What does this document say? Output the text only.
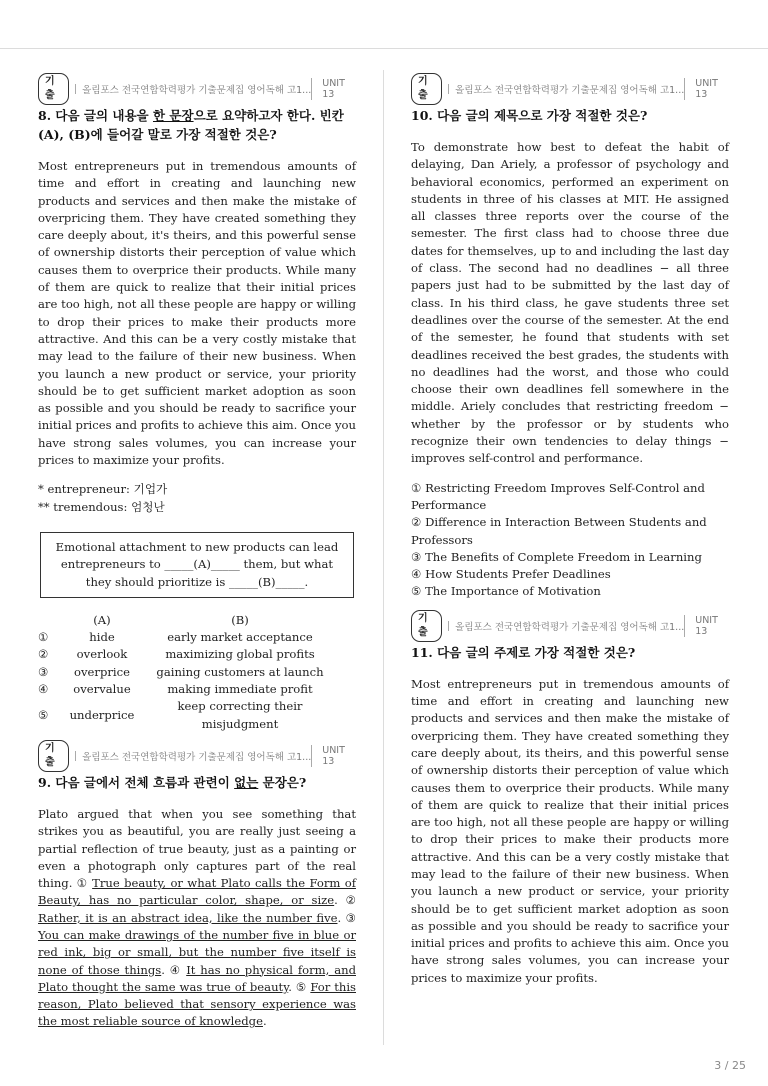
기출	올림포스 전국연합학력평가 기출문제집 영어독해 고1...
UNIT 13
8. 다음 글의 내용을 한 문장으로 요약하고자 한다. 빈칸 (A), (B)에 들어갈 말로 가장 적절한 것은?

Most entrepreneurs put in tremendous amounts of time and effort in creating and launching new products and services and then make the mistake of overpricing them. They have created something they care deeply about, it's theirs, and this powerful sense of ownership distorts their perception of value which causes them to overprice their products. While many of them are quick to realize that their initial prices are too high, not all these people are happy or willing to drop their prices to make their products more attractive. And this can be a very costly mistake that may lead to the failure of their new business. When you launch a new product or service, your priority should be to get sufficient market adoption as soon as possible and you should be ready to sacrifice your initial prices and profits to achieve this aim. Once you have strong sales volumes, you can increase your prices to maximize your profits.

* entrepreneur: 기업가
** tremendous: 엄청난
Emotional attachment to new products can lead entrepreneurs to _____(A)_____ them, but what they should prioritize is _____(B)_____.
	(A)	(B)
①	hide	early market acceptance
②	overlook	maximizing global profits
③	overprice	gaining customers at launch
④	overvalue	making immediate profit
⑤	underprice	keep correcting their misjudgment
기출	올림포스 전국연합학력평가 기출문제집 영어독해 고1...
UNIT 13
9. 다음 글에서 전체 흐름과 관련이 없는 문장은?

Plato argued that when you see something that strikes you as beautiful, you are really just seeing a partial reflection of true beauty, just as a painting or even a photograph only captures part of the real thing. ① True beauty, or what Plato calls the Form of Beauty, has no particular color, shape, or size. ② Rather, it is an abstract idea, like the number five. ③ You can make drawings of the number five in blue or red ink, big or small, but the number five itself is none of those things. ④ It has no physical form, and Plato thought the same was true of beauty. ⑤ For this reason, Plato believed that sensory experience was the most reliable source of knowledge.

기출	올림포스 전국연합학력평가 기출문제집 영어독해 고1...
UNIT 13
10. 다음 글의 제목으로 가장 적절한 것은?

To demonstrate how best to defeat the habit of delaying, Dan Ariely, a professor of psychology and behavioral economics, performed an experiment on students in three of his classes at MIT. He assigned all classes three reports over the course of the semester. The first class had to choose three due dates for themselves, up to and including the last day of class. The second had no deadlines − all three papers just had to be submitted by the last day of class. In his third class, he gave students three set deadlines over the course of the semester. At the end of the semester, he found that students with set deadlines received the best grades, the students with no deadlines had the worst, and those who could choose their own deadlines fell somewhere in the middle. Ariely concludes that restricting freedom − whether by the professor or by students who recognize their own tendencies to delay things − improves self-control and performance.

① Restricting Freedom Improves Self-Control and Performance
② Difference in Interaction Between Students and Professors
③ The Benefits of Complete Freedom in Learning
④ How Students Prefer Deadlines
⑤ The Importance of Motivation
기출	올림포스 전국연합학력평가 기출문제집 영어독해 고1...
UNIT 13
11. 다음 글의 주제로 가장 적절한 것은?

Most entrepreneurs put in tremendous amounts of time and effort in creating and launching new products and services and then make the mistake of overpricing them. They have created something they care deeply about, its theirs, and this powerful sense of ownership distorts their perception of value which causes them to overprice their products. While many of them are quick to realize that their initial prices are too high, not all these people are happy or willing to drop their prices to make their products more attractive. And this can be a very costly mistake that may lead to the failure of their new business. When you launch a new product or service, your priority should be to get sufficient market adoption as soon as possible and you should be ready to sacrifice your initial prices and profits to achieve this aim. Once you have strong sales volumes, you can increase your prices to maximize your profits.

3 / 25
